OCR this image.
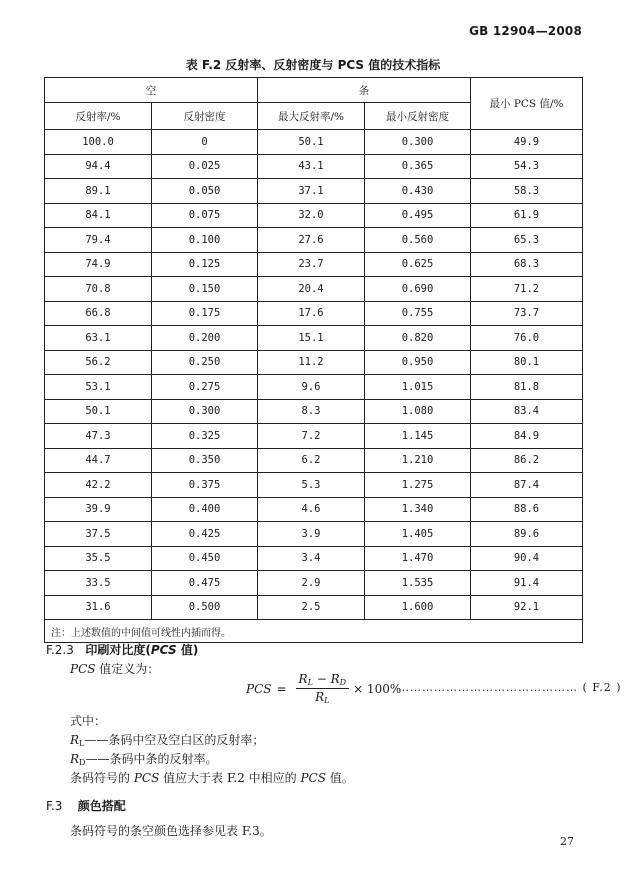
GB 12904—2008
表 F.2 反射率、反射密度与 PCS 值的技术指标
空		条		最小 PCS 值/%
反射率/%	反射密度	最大反射率/%	最小反射密度	
100.0	0	50.1	0.300	49.9
94.4	0.025	43.1	0.365	54.3
89.1	0.050	37.1	0.430	58.3
84.1	0.075	32.0	0.495	61.9
79.4	0.100	27.6	0.560	65.3
74.9	0.125	23.7	0.625	68.3
70.8	0.150	20.4	0.690	71.2
66.8	0.175	17.6	0.755	73.7
63.1	0.200	15.1	0.820	76.0
56.2	0.250	11.2	0.950	80.1
53.1	0.275	9.6	1.015	81.8
50.1	0.300	8.3	1.080	83.4
47.3	0.325	7.2	1.145	84.9
44.7	0.350	6.2	1.210	86.2
42.2	0.375	5.3	1.275	87.4
39.9	0.400	4.6	1.340	88.6
37.5	0.425	3.9	1.405	89.6
35.5	0.450	3.4	1.470	90.4
33.5	0.475	2.9	1.535	91.4
31.6	0.500	2.5	1.600	92.1
注：上述数值的中间值可线性内插而得。				
F.2.3 印刷对比度(PCS 值)
PCS 值定义为：
PCS = $\frac{R_L - R_D}{R_L} \times 100\%$
……………………………………… ( F.2 )
式中：
$R_L——$条码中空及空白区的反射率；
$R_D——$条码中条的反射率。
条码符号的 PCS 值应大于表 F.2 中相应的 PCS 值。
F.3 颜色搭配
条码符号的条空颜色选择参见表 F.3。
27
